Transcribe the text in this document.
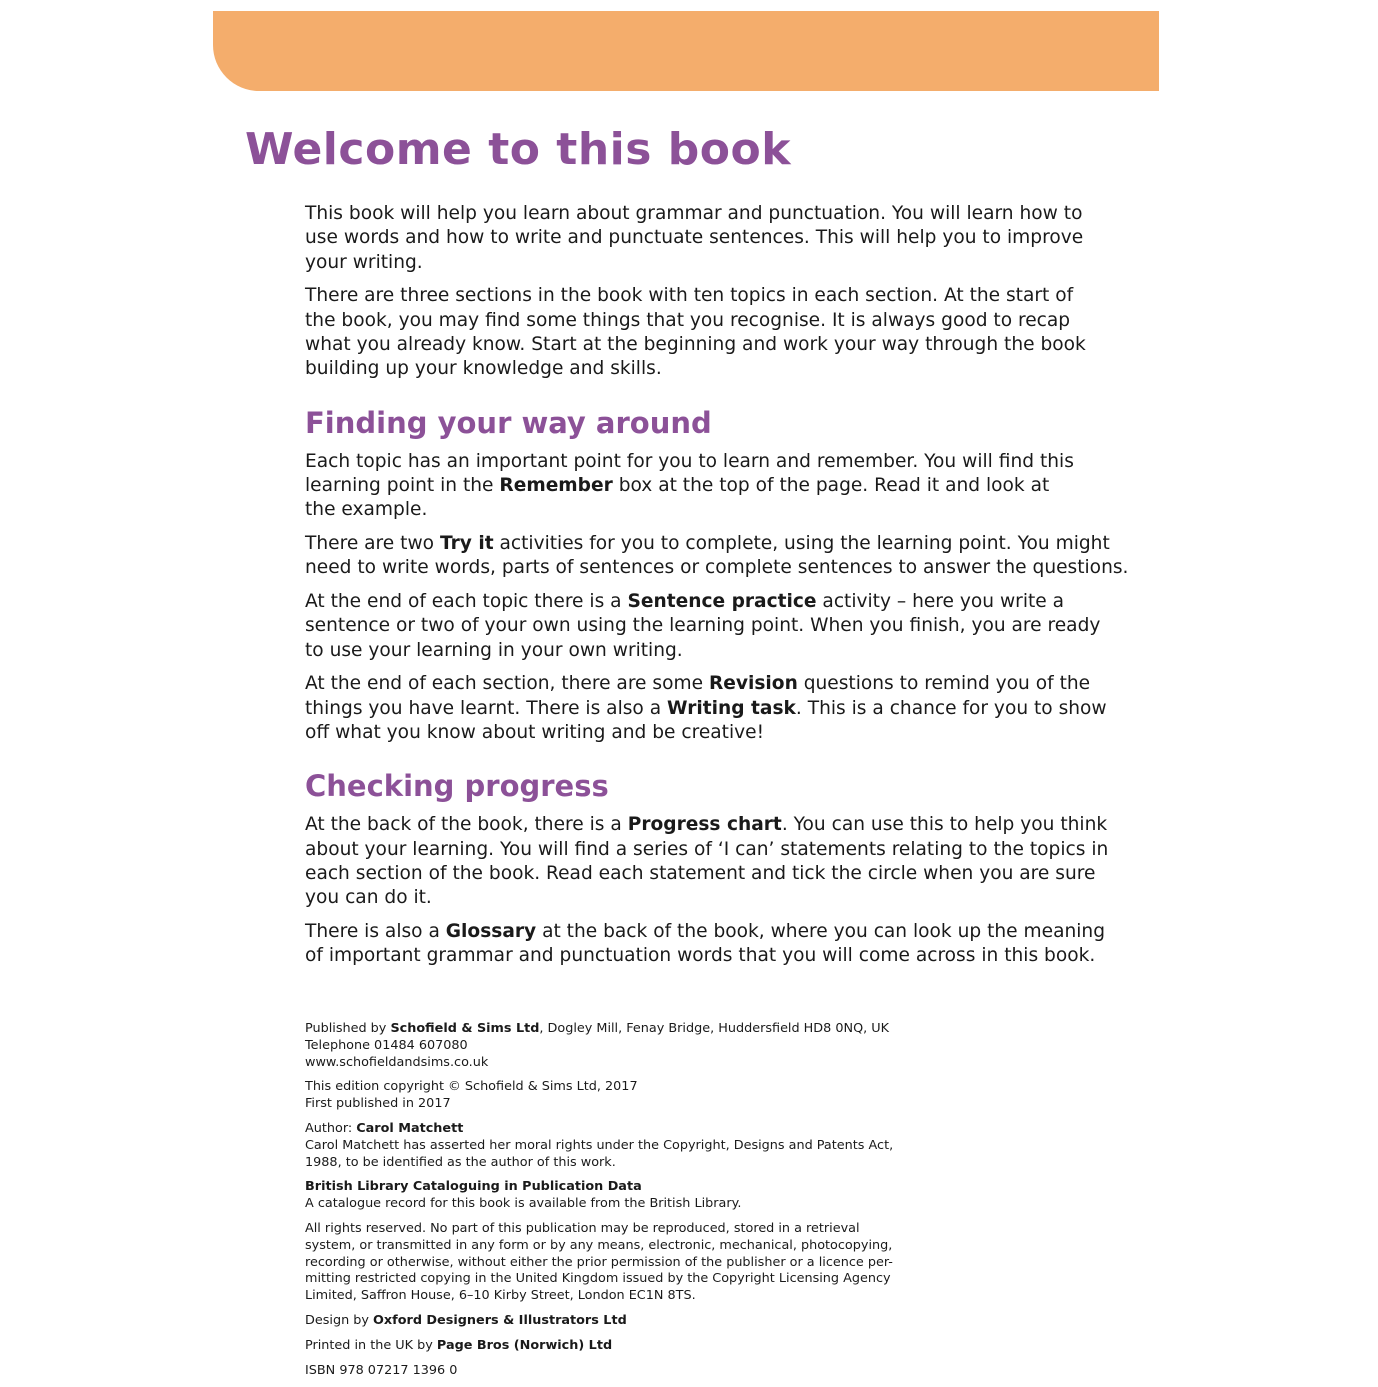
Welcome to this book

This book will help you learn about grammar and punctuation. You will learn how to
use words and how to write and punctuate sentences. This will help you to improve
your writing.

There are three sections in the book with ten topics in each section. At the start of
the book, you may find some things that you recognise. It is always good to recap
what you already know. Start at the beginning and work your way through the book
building up your knowledge and skills.

Finding your way around

Each topic has an important point for you to learn and remember. You will find this
learning point in the Remember box at the top of the page. Read it and look at
the example.

There are two Try it activities for you to complete, using the learning point. You might
need to write words, parts of sentences or complete sentences to answer the questions.

At the end of each topic there is a Sentence practice activity – here you write a
sentence or two of your own using the learning point. When you finish, you are ready
to use your learning in your own writing.

At the end of each section, there are some Revision questions to remind you of the
things you have learnt. There is also a Writing task. This is a chance for you to show
off what you know about writing and be creative!

Checking progress

At the back of the book, there is a Progress chart. You can use this to help you think
about your learning. You will find a series of ‘I can’ statements relating to the topics in
each section of the book. Read each statement and tick the circle when you are sure
you can do it.

There is also a Glossary at the back of the book, where you can look up the meaning
of important grammar and punctuation words that you will come across in this book.

Published by Schofield & Sims Ltd, Dogley Mill, Fenay Bridge, Huddersfield HD8 0NQ, UK
Telephone 01484 607080
www.schofieldandsims.co.uk

This edition copyright © Schofield & Sims Ltd, 2017
First published in 2017

Author: Carol Matchett
Carol Matchett has asserted her moral rights under the Copyright, Designs and Patents Act,
1988, to be identified as the author of this work.

British Library Cataloguing in Publication Data
A catalogue record for this book is available from the British Library.

All rights reserved. No part of this publication may be reproduced, stored in a retrieval
system, or transmitted in any form or by any means, electronic, mechanical, photocopying,
recording or otherwise, without either the prior permission of the publisher or a licence per-
mitting restricted copying in the United Kingdom issued by the Copyright Licensing Agency
Limited, Saffron House, 6–10 Kirby Street, London EC1N 8TS.

Design by Oxford Designers & Illustrators Ltd

Printed in the UK by Page Bros (Norwich) Ltd

ISBN 978 07217 1396 0
